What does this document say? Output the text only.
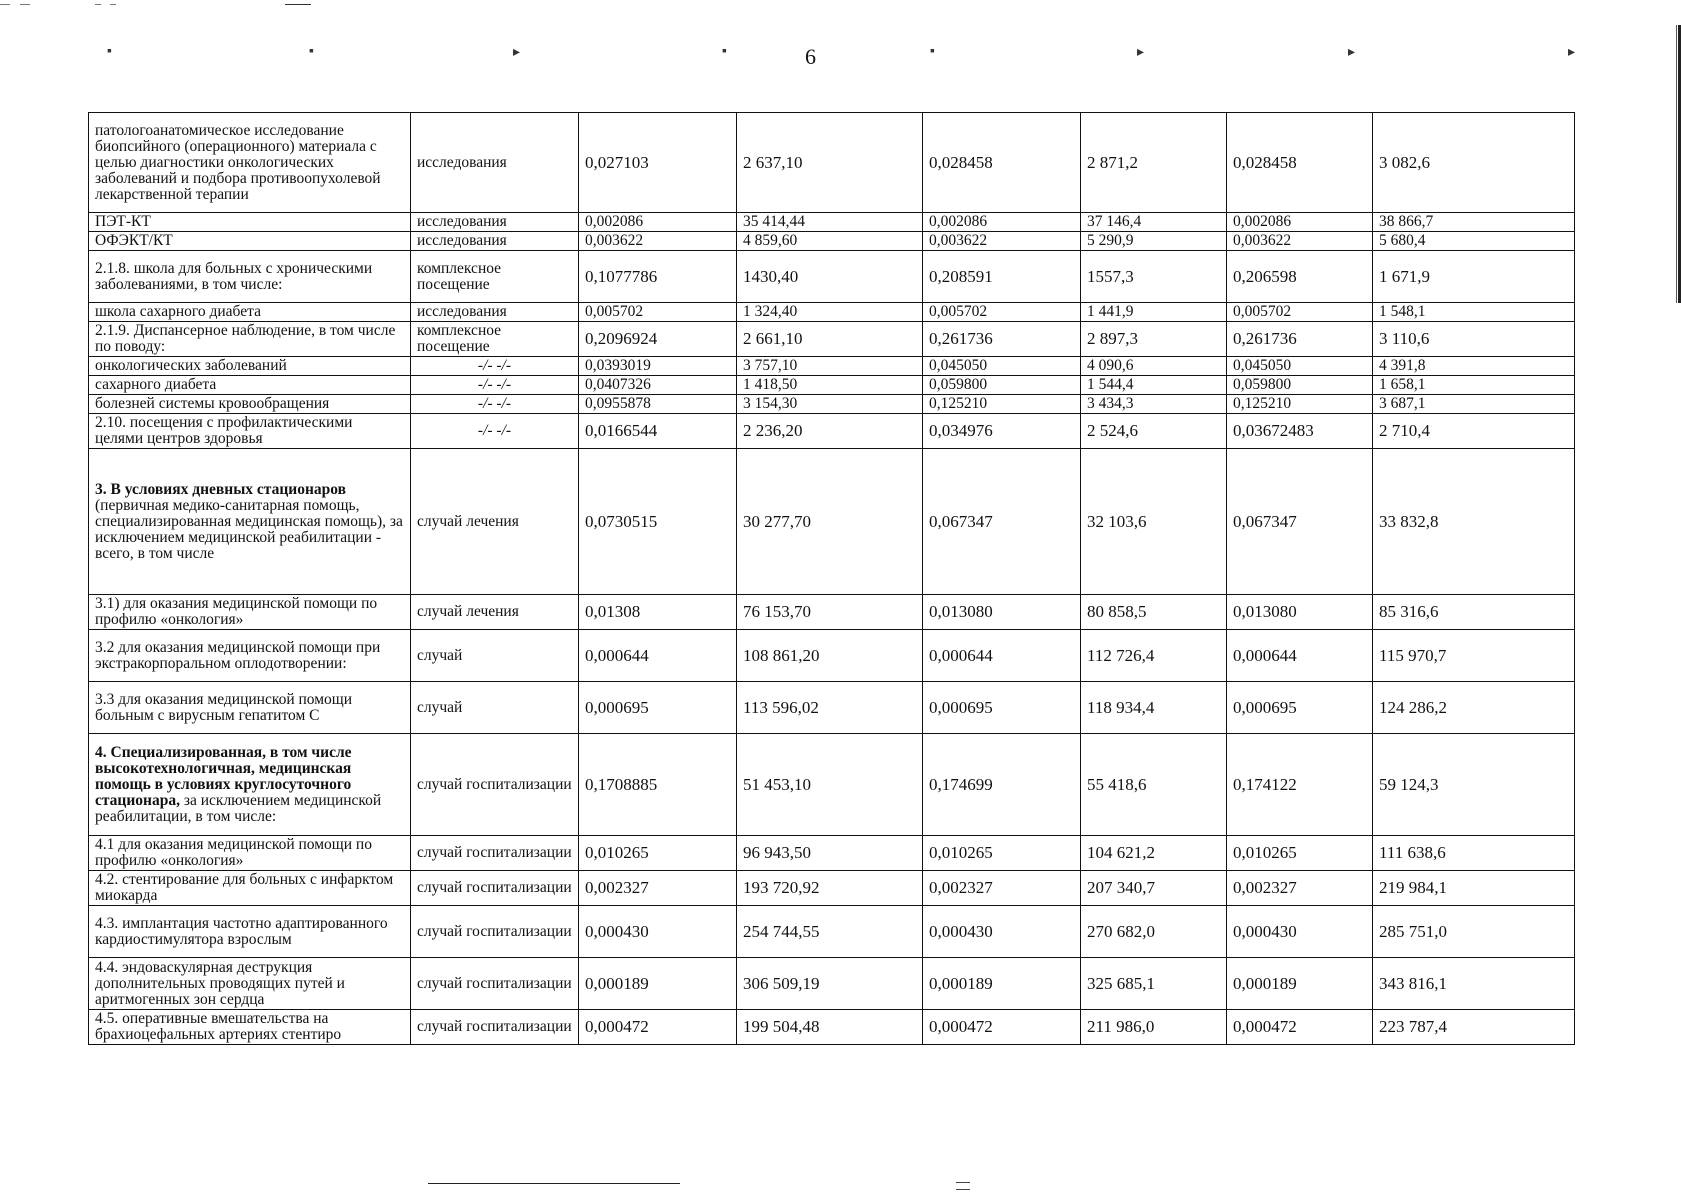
▪	▪	▸	▪	▪	▸	▸	▸
6
патологоанатомическое исследование биопсийного (операционного) материала с целью диагностики онкологических заболеваний и подбора противоопухолевой лекарственной терапии	исследования	0,027103	2 637,10	0,028458	2 871,2	0,028458	3 082,6
ПЭТ-КТ	исследования	0,002086	35 414,44	0,002086	37 146,4	0,002086	38 866,7
ОФЭКТ/КТ	исследования	0,003622	4 859,60	0,003622	5 290,9	0,003622	5 680,4
2.1.8. школа для больных с хроническими заболеваниями, в том числе:	комплексное посещение	0,1077786	1430,40	0,208591	1557,3	0,206598	1 671,9
школа сахарного диабета	исследования	0,005702	1 324,40	0,005702	1 441,9	0,005702	1 548,1
2.1.9. Диспансерное наблюдение, в том числе по поводу:	комплексное посещение	0,2096924	2 661,10	0,261736	2 897,3	0,261736	3 110,6
онкологических заболеваний	-/- -/-	0,0393019	3 757,10	0,045050	4 090,6	0,045050	4 391,8
сахарного диабета	-/- -/-	0,0407326	1 418,50	0,059800	1 544,4	0,059800	1 658,1
болезней системы кровообращения	-/- -/-	0,0955878	3 154,30	0,125210	3 434,3	0,125210	3 687,1
2.10. посещения с профилактическими целями центров здоровья	-/- -/-	0,0166544	2 236,20	0,034976	2 524,6	0,03672483	2 710,4
3. В условиях дневных стационаров (первичная медико-санитарная помощь, специализированная медицинская помощь), за исключением медицинской реабилитации - всего, в том числе	случай лечения	0,0730515	30 277,70	0,067347	32 103,6	0,067347	33 832,8
3.1) для оказания медицинской помощи по профилю «онкология»	случай лечения	0,01308	76 153,70	0,013080	80 858,5	0,013080	85 316,6
3.2 для оказания медицинской помощи при экстракорпоральном оплодотворении:	случай	0,000644	108 861,20	0,000644	112 726,4	0,000644	115 970,7
3.3 для оказания медицинской помощи больным с вирусным гепатитом С	случай	0,000695	113 596,02	0,000695	118 934,4	0,000695	124 286,2
4. Специализированная, в том числе высокотехнологичная, медицинская помощь в условиях круглосуточного стационара, за исключением медицинской реабилитации, в том числе:	случай госпитализации	0,1708885	51 453,10	0,174699	55 418,6	0,174122	59 124,3
4.1 для оказания медицинской помощи по профилю «онкология»	случай госпитализации	0,010265	96 943,50	0,010265	104 621,2	0,010265	111 638,6
4.2. стентирование для больных с инфарктом миокарда	случай госпитализации	0,002327	193 720,92	0,002327	207 340,7	0,002327	219 984,1
4.3. имплантация частотно адаптированного кардиостимулятора взрослым	случай госпитализации	0,000430	254 744,55	0,000430	270 682,0	0,000430	285 751,0
4.4. эндоваскулярная деструкция дополнительных проводящих путей и аритмогенных зон сердца	случай госпитализации	0,000189	306 509,19	0,000189	325 685,1	0,000189	343 816,1
4.5. оперативные вмешательства на брахиоцефальных артериях стентиро	случай госпитализации	0,000472	199 504,48	0,000472	211 986,0	0,000472	223 787,4
